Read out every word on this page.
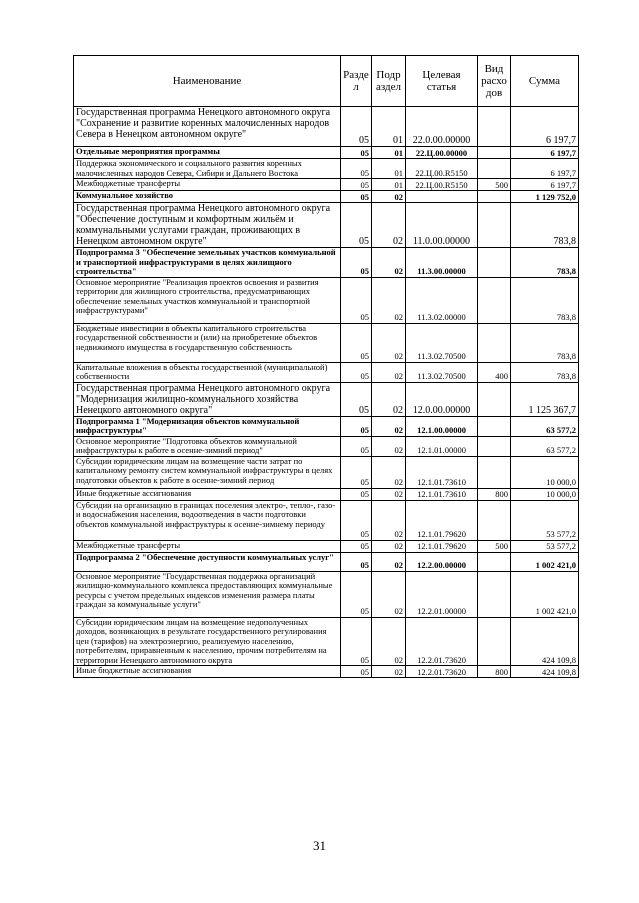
Наименование	Разде л	Подр аздел	Целевая статья	Вид расхо дов	Сумма
Государственная программа Ненецкого автономного округа "Сохранение и развитие коренных малочисленных народов Севера в Ненецком автономном округе"	05	01	22.0.00.00000		6 197,7
Отдельные мероприятия программы	05	01	22.Ц.00.00000		6 197,7
Поддержка экономического и социального развития коренных малочисленных народов Севера, Сибири и Дальнего Востока	05	01	22.Ц.00.R5150		6 197,7
Межбюджетные трансферты	05	01	22.Ц.00.R5150	500	6 197,7
Коммунальное хозяйство	05	02			1 129 752,0
Государственная программа Ненецкого автономного округа "Обеспечение доступным и комфортным жильём и коммунальными услугами граждан, проживающих в Ненецком автономном округе"	05	02	11.0.00.00000		783,8
Подпрограмма 3 "Обеспечение земельных участков коммунальной и транспортной инфраструктурами в целях жилищного строительства"	05	02	11.3.00.00000		783,8
Основное мероприятие "Реализация проектов освоения и развития территории для жилищного строительства, предусматривающих обеспечение земельных участков коммунальной и транспортной инфраструктурами"	05	02	11.3.02.00000		783,8
Бюджетные инвестиции в объекты капитального строительства государственной собственности и (или) на приобретение объектов недвижимого имущества в государственную собственность	05	02	11.3.02.70500		783,8
Капитальные вложения в объекты государственной (муниципальной) собственности	05	02	11.3.02.70500	400	783,8
Государственная программа Ненецкого автономного округа "Модернизация жилищно-коммунального хозяйства Ненецкого автономного округа"	05	02	12.0.00.00000		1 125 367,7
Подпрограмма 1 "Модернизация объектов коммунальной инфраструктуры"	05	02	12.1.00.00000		63 577,2
Основное мероприятие "Подготовка объектов коммунальной инфраструктуры к работе в осенне-зимний период"	05	02	12.1.01.00000		63 577,2
Субсидии юридическим лицам на возмещение части затрат по капитальному ремонту систем коммунальной инфраструктуры в целях подготовки объектов к работе в осенне-зимний период	05	02	12.1.01.73610		10 000,0
Иные бюджетные ассигнования	05	02	12.1.01.73610	800	10 000,0
Субсидии на организацию в границах поселения электро-, тепло-, газо- и водоснабжения населения, водоотведения в части подготовки объектов коммунальной инфраструктуры к осенне-зимнему периоду	05	02	12.1.01.79620		53 577,2
Межбюджетные трансферты	05	02	12.1.01.79620	500	53 577,2
Подпрограмма 2 "Обеспечение доступности коммунальных услуг"	05	02	12.2.00.00000		1 002 421,0
Основное мероприятие "Государственная поддержка организаций жилищно-коммунального комплекса предоставляющих коммунальные ресурсы с учетом предельных индексов изменения размера платы граждан за коммунальные услуги"	05	02	12.2.01.00000		1 002 421,0
Субсидии юридическим лицам на возмещение недополученных доходов, возникающих в результате государственного регулирования цен (тарифов) на электроэнергию, реализуемую населению, потребителям, приравненным к населению, прочим потребителям на территории Ненецкого автономного округа	05	02	12.2.01.73620		424 109,8
Иные бюджетные ассигнования	05	02	12.2.01.73620	800	424 109,8
31
